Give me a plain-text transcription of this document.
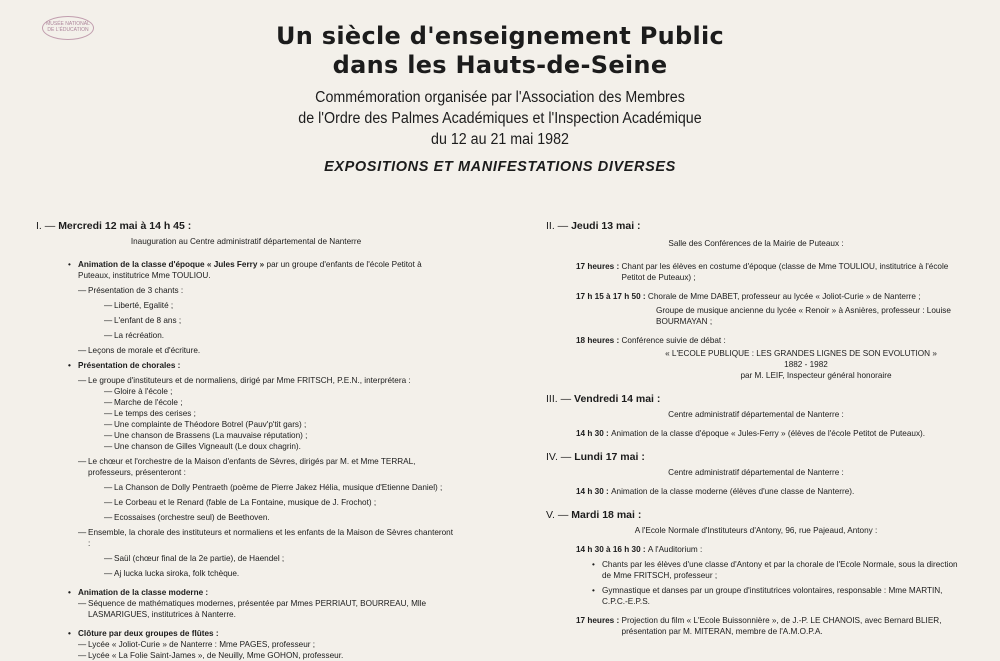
MUSÉE NATIONAL DE L'ÉDUCATION	Un siècle d'enseignement Public
dans les Hauts-de-Seine
Commémoration organisée par l'Association des Membres
de l'Ordre des Palmes Académiques et l'Inspection Académique
du 12 au 21 mai 1982
EXPOSITIONS ET MANIFESTATIONS DIVERSES
I. — Mercredi 12 mai à 14 h 45 :
Inauguration au Centre administratif départemental de Nanterre
• Animation de la classe d'époque « Jules Ferry » par un groupe d'enfants de l'école Petitot à Puteaux, institutrice Mme TOULIOU.
— Présentation de 3 chants :
— Liberté, Egalité ;
— L'enfant de 8 ans ;
— La récréation.
— Leçons de morale et d'écriture.
• Présentation de chorales :
— Le groupe d'instituteurs et de normaliens, dirigé par Mme FRITSCH, P.E.N., interprétera :
— Gloire à l'école ;
— Marche de l'école ;
— Le temps des cerises ;
— Une complainte de Théodore Botrel (Pauv'p'tit gars) ;
— Une chanson de Brassens (La mauvaise réputation) ;
— Une chanson de Gilles Vigneault (Le doux chagrin).
— Le chœur et l'orchestre de la Maison d'enfants de Sèvres, dirigés par M. et Mme TERRAL, professeurs, présenteront :
— La Chanson de Dolly Pentraeth (poème de Pierre Jakez Hélia, musique d'Etienne Daniel) ;
— Le Corbeau et le Renard (fable de La Fontaine, musique de J. Frochot) ;
— Ecossaises (orchestre seul) de Beethoven.
— Ensemble, la chorale des instituteurs et normaliens et les enfants de la Maison de Sèvres chanteront :
— Saül (chœur final de la 2e partie), de Haendel ;
— Aj lucka lucka siroka, folk tchèque.
• Animation de la classe moderne :
— Séquence de mathématiques modernes, présentée par Mmes PERRIAUT, BOURREAU, Mlle LASMARIGUES, institutrices à Nanterre.
• Clôture par deux groupes de flûtes :
— Lycée « Joliot-Curie » de Nanterre : Mme PAGES, professeur ;
— Lycée « La Folie Saint-James », de Neuilly, Mme GOHON, professeur.
II. — Jeudi 13 mai :
Salle des Conférences de la Mairie de Puteaux :
17 heures :
Chant par les élèves en costume d'époque (classe de Mme TOULIOU, institutrice à l'école Petitot de Puteaux) ;
17 h 15 à 17 h 50 :
Chorale de Mme DABET, professeur au lycée « Joliot-Curie » de Nanterre ;
Groupe de musique ancienne du lycée « Renoir » à Asnières, professeur : Louise BOURMAYAN ;
18 heures :
Conférence suivie de débat :
« L'ECOLE PUBLIQUE : LES GRANDES LIGNES DE SON EVOLUTION »
1882 - 1982
par M. LEIF, Inspecteur général honoraire
III. — Vendredi 14 mai :
Centre administratif départemental de Nanterre :
14 h 30 :
Animation de la classe d'époque « Jules-Ferry » (élèves de l'école Petitot de Puteaux).
IV. — Lundi 17 mai :
Centre administratif départemental de Nanterre :
14 h 30 :
Animation de la classe moderne (élèves d'une classe de Nanterre).
V. — Mardi 18 mai :
A l'Ecole Normale d'Instituteurs d'Antony, 96, rue Pajeaud, Antony :
14 h 30 à 16 h 30 :
A l'Auditorium :
• Chants par les élèves d'une classe d'Antony et par la chorale de l'Ecole Normale, sous la direction de Mme FRITSCH, professeur ;
• Gymnastique et danses par un groupe d'institutrices volontaires, responsable : Mme MARTIN, C.P.C.-E.P.S.
17 heures :
Projection du film « L'Ecole Buissonnière », de J.-P. LE CHANOIS, avec Bernard BLIER, présentation par M. MITERAN, membre de l'A.M.O.P.A.
